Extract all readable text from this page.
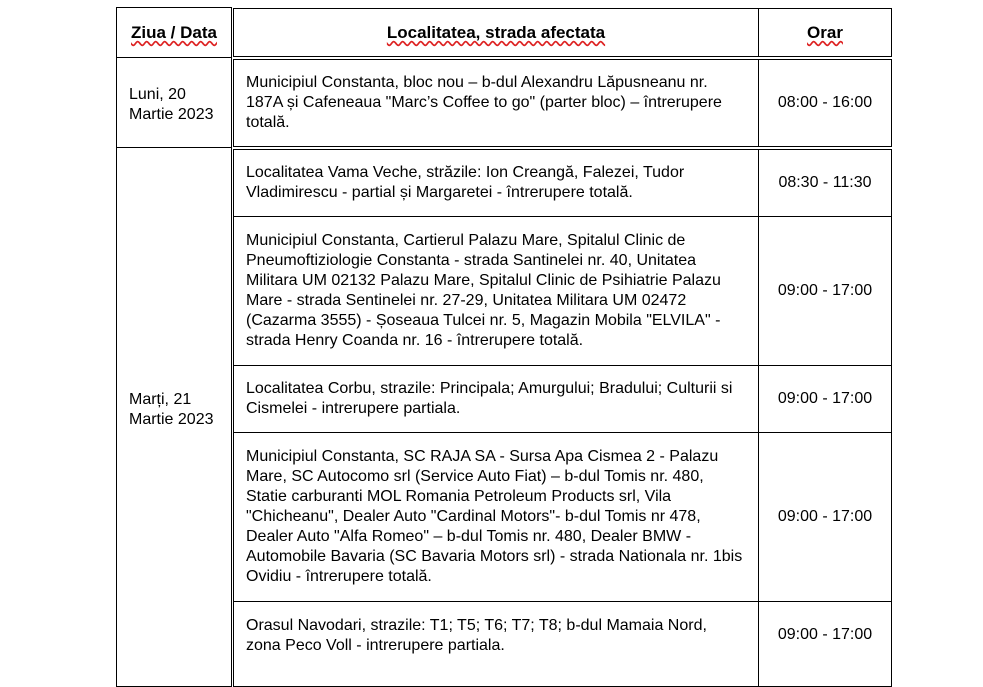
Ziua / Data
Luni, 20
Martie 2023
Marți, 21
Martie 2023
Localitatea, strada afectata	Orar

Municipiul Constanta, bloc nou – b-dul Alexandru Lăpusneanu nr. 187A și Cafeneaua "Marc’s Coffee to go" (parter bloc) – întrerupere totală.

08:00 - 16:00

Localitatea Vama Veche, străzile: Ion Creangă, Falezei, Tudor Vladimirescu - partial și Margaretei - întrerupere totală.

08:30 - 11:30

Municipiul Constanta, Cartierul Palazu Mare, Spitalul Clinic de Pneumoftiziologie Constanta - strada Santinelei nr. 40, Unitatea Militara UM 02132 Palazu Mare, Spitalul Clinic de Psihiatrie Palazu Mare - strada Sentinelei nr. 27-29, Unitatea Militara UM 02472 (Cazarma 3555) - Șoseaua Tulcei nr. 5, Magazin Mobila "ELVILA" - strada Henry Coanda nr. 16 - întrerupere totală.

09:00 - 17:00

Localitatea Corbu, strazile: Principala; Amurgului; Bradului; Culturii si Cismelei - intrerupere partiala.

09:00 - 17:00

Municipiul Constanta, SC RAJA SA - Sursa Apa Cismea 2 - Palazu Mare, SC Autocomo srl (Service Auto Fiat) – b-dul Tomis nr. 480, Statie carburanti MOL Romania Petroleum Products srl, Vila "Chicheanu", Dealer Auto "Cardinal Motors"- b-dul Tomis nr 478, Dealer Auto "Alfa Romeo" – b-dul Tomis nr. 480, Dealer BMW - Automobile Bavaria (SC Bavaria Motors srl) - strada Nationala nr. 1bis Ovidiu - întrerupere totală.

09:00 - 17:00

Orasul Navodari, strazile: T1; T5; T6; T7; T8; b-dul Mamaia Nord, zona Peco Voll - intrerupere partiala.

09:00 - 17:00
